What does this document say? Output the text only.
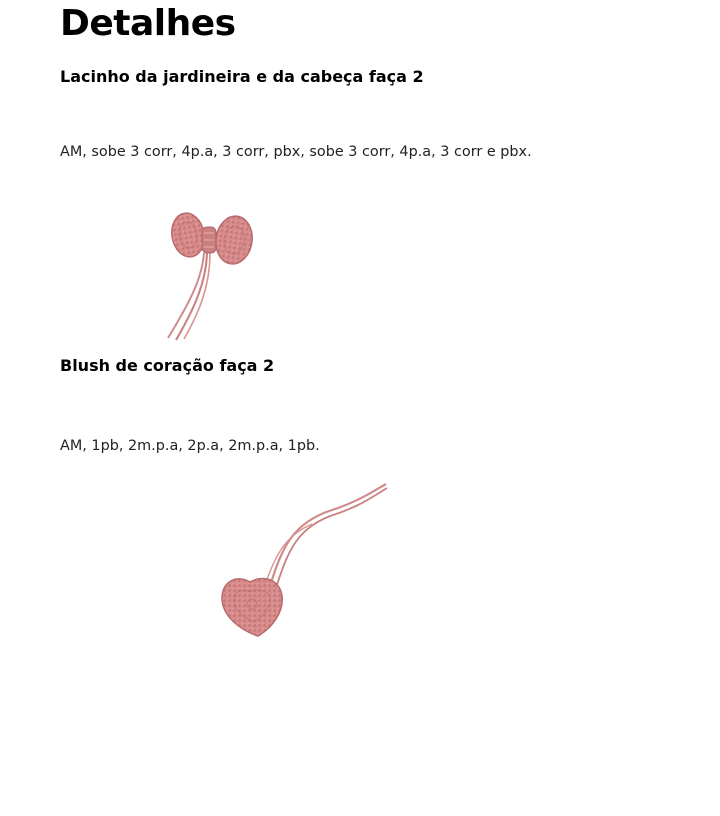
Detalhes
Lacinho da jardineira e da cabeça faça 2

AM, sobe 3 corr, 4p.a, 3 corr, pbx, sobe 3 corr, 4p.a, 3 corr e pbx.

Blush de coração faça 2

AM, 1pb, 2m.p.a, 2p.a, 2m.p.a, 1pb.
